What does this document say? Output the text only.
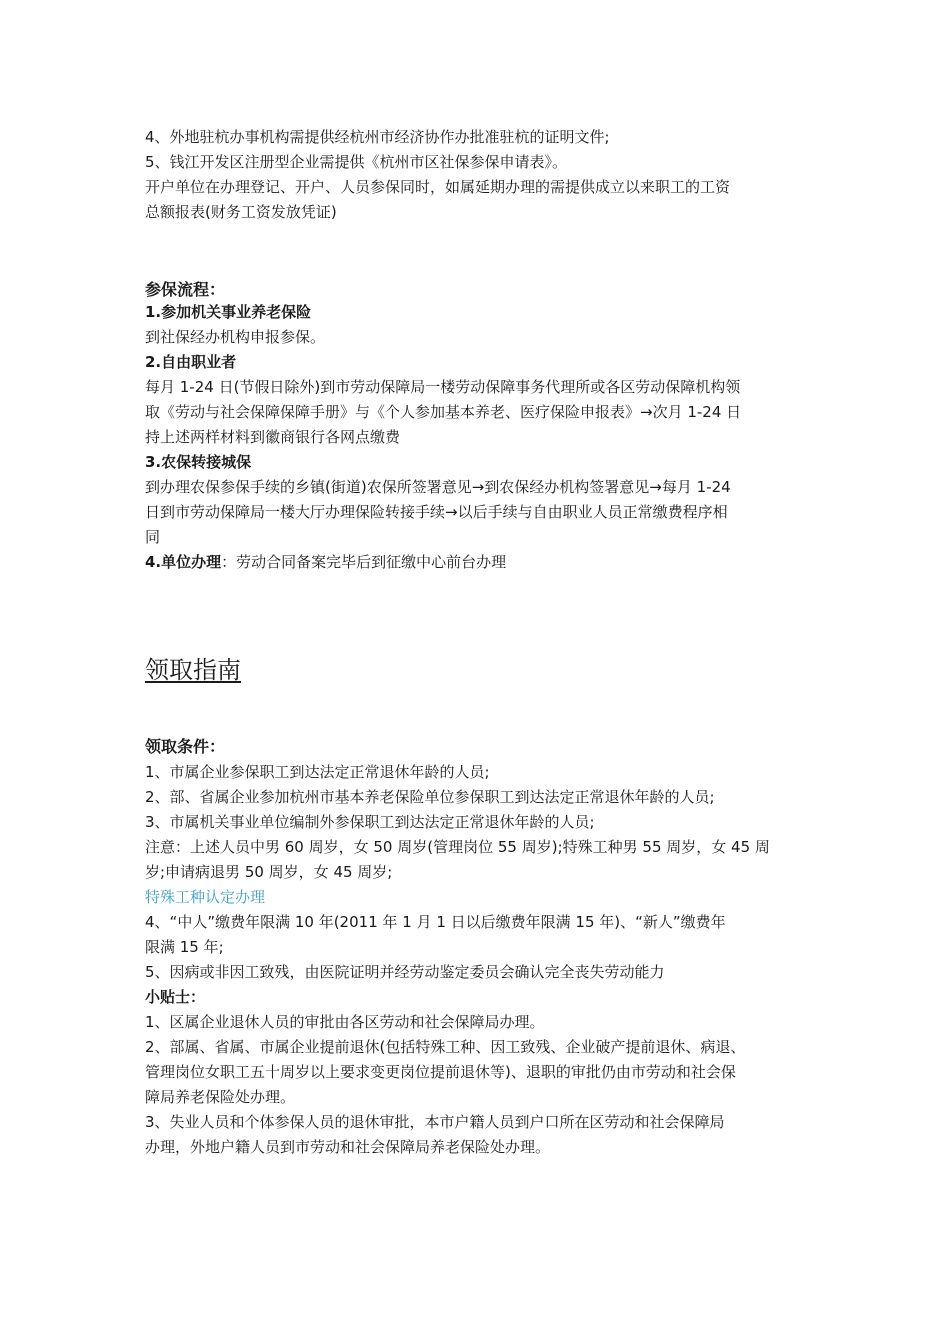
4、外地驻杭办事机构需提供经杭州市经济协作办批准驻杭的证明文件;
5、钱江开发区注册型企业需提供《杭州市区社保参保申请表》。
开户单位在办理登记、开户、人员参保同时，如属延期办理的需提供成立以来职工的工资
总额报表(财务工资发放凭证)
参保流程：
1.参加机关事业养老保险
到社保经办机构申报参保。
2.自由职业者
每月 1-24 日(节假日除外)到市劳动保障局一楼劳动保障事务代理所或各区劳动保障机构领
取《劳动与社会保障保障手册》与《个人参加基本养老、医疗保险申报表》→次月 1-24 日
持上述两样材料到徽商银行各网点缴费
3.农保转接城保
到办理农保参保手续的乡镇(街道)农保所签署意见→到农保经办机构签署意见→每月 1-24
日到市劳动保障局一楼大厅办理保险转接手续→以后手续与自由职业人员正常缴费程序相
同
4.单位办理：劳动合同备案完毕后到征缴中心前台办理
领取指南
领取条件：
1、市属企业参保职工到达法定正常退休年龄的人员;
2、部、省属企业参加杭州市基本养老保险单位参保职工到达法定正常退休年龄的人员;
3、市属机关事业单位编制外参保职工到达法定正常退休年龄的人员;
注意：上述人员中男 60 周岁，女 50 周岁(管理岗位 55 周岁);特殊工种男 55 周岁，女 45 周
岁;申请病退男 50 周岁，女 45 周岁;
特殊工种认定办理
4、“中人”缴费年限满 10 年(2011 年 1 月 1 日以后缴费年限满 15 年)、“新人”缴费年
限满 15 年;
5、因病或非因工致残，由医院证明并经劳动鉴定委员会确认完全丧失劳动能力
小贴士：
1、区属企业退休人员的审批由各区劳动和社会保障局办理。
2、部属、省属、市属企业提前退休(包括特殊工种、因工致残、企业破产提前退休、病退、
管理岗位女职工五十周岁以上要求变更岗位提前退休等)、退职的审批仍由市劳动和社会保
障局养老保险处办理。
3、失业人员和个体参保人员的退休审批，本市户籍人员到户口所在区劳动和社会保障局
办理，外地户籍人员到市劳动和社会保障局养老保险处办理。
